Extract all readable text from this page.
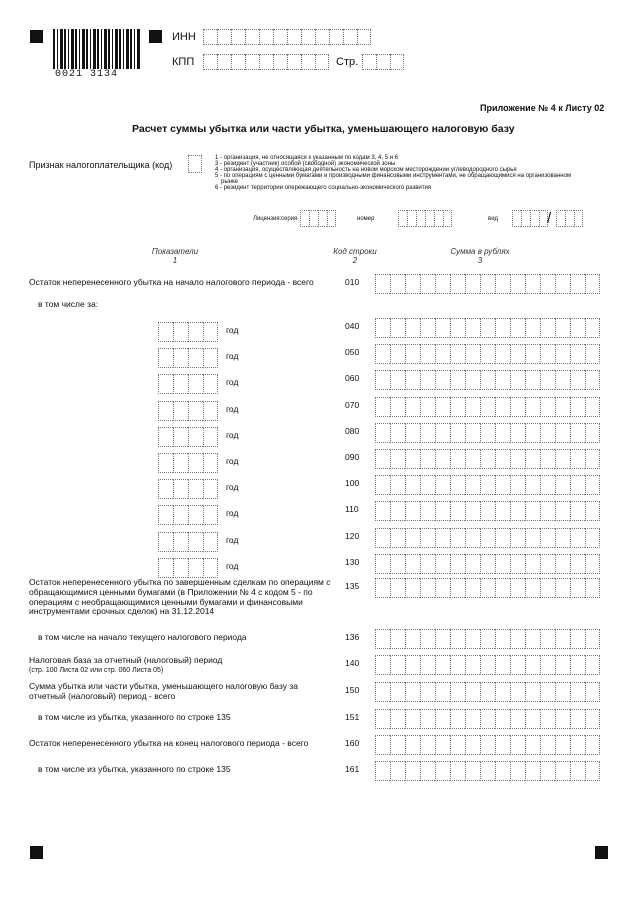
0021 3134
ИНН
КПП	Стр.
Приложение № 4 к Листу 02
Расчет суммы убытка или части убытка, уменьшающего налоговую базу
Признак налогоплательщика (код)
1 - организация, не относящаяся к указанным по кодам 3, 4, 5 и 6
3 - резидент (участник) особой (свободной) экономической зоны
4 - организация, осуществляющая деятельность на новом морском месторождении углеводородного сырья
5 - по операциям с ценными бумагами и производными финансовыми инструментами, не обращающимися на организованном рынке
6 - резидент территории опережающего социально-экономического развития
Лицензия: серия	номер	вид	/
Показатели
1
Код строки
2
Сумма в рублях
3
Остаток неперенесенного убытка на начало налогового периода - всего	010
в том числе за:
год	040
год	050
год	060
год	070
год	080
год	090
год	100
год	110
год	120
год	130
Остаток неперенесенного убытка по завершенным сделкам по операциям с обращающимися ценными бумагами (в Приложении № 4 с кодом 5 - по операциям с необращающимися ценными бумагами и финансовыми инструментами срочных сделок) на 31.12.2014
135
в том числе на начало текущего налогового периода	136
Налоговая база за отчетный (налоговый) период
(стр. 100 Листа 02 или стр. 060 Листа 05)
140
Сумма убытка или части убытка, уменьшающего налоговую базу за отчетный (налоговый) период - всего
150
в том числе из убытка, указанного по строке 135	151
Остаток неперенесенного убытка на конец налогового периода - всего	160
в том числе из убытка, указанного по строке 135	161
